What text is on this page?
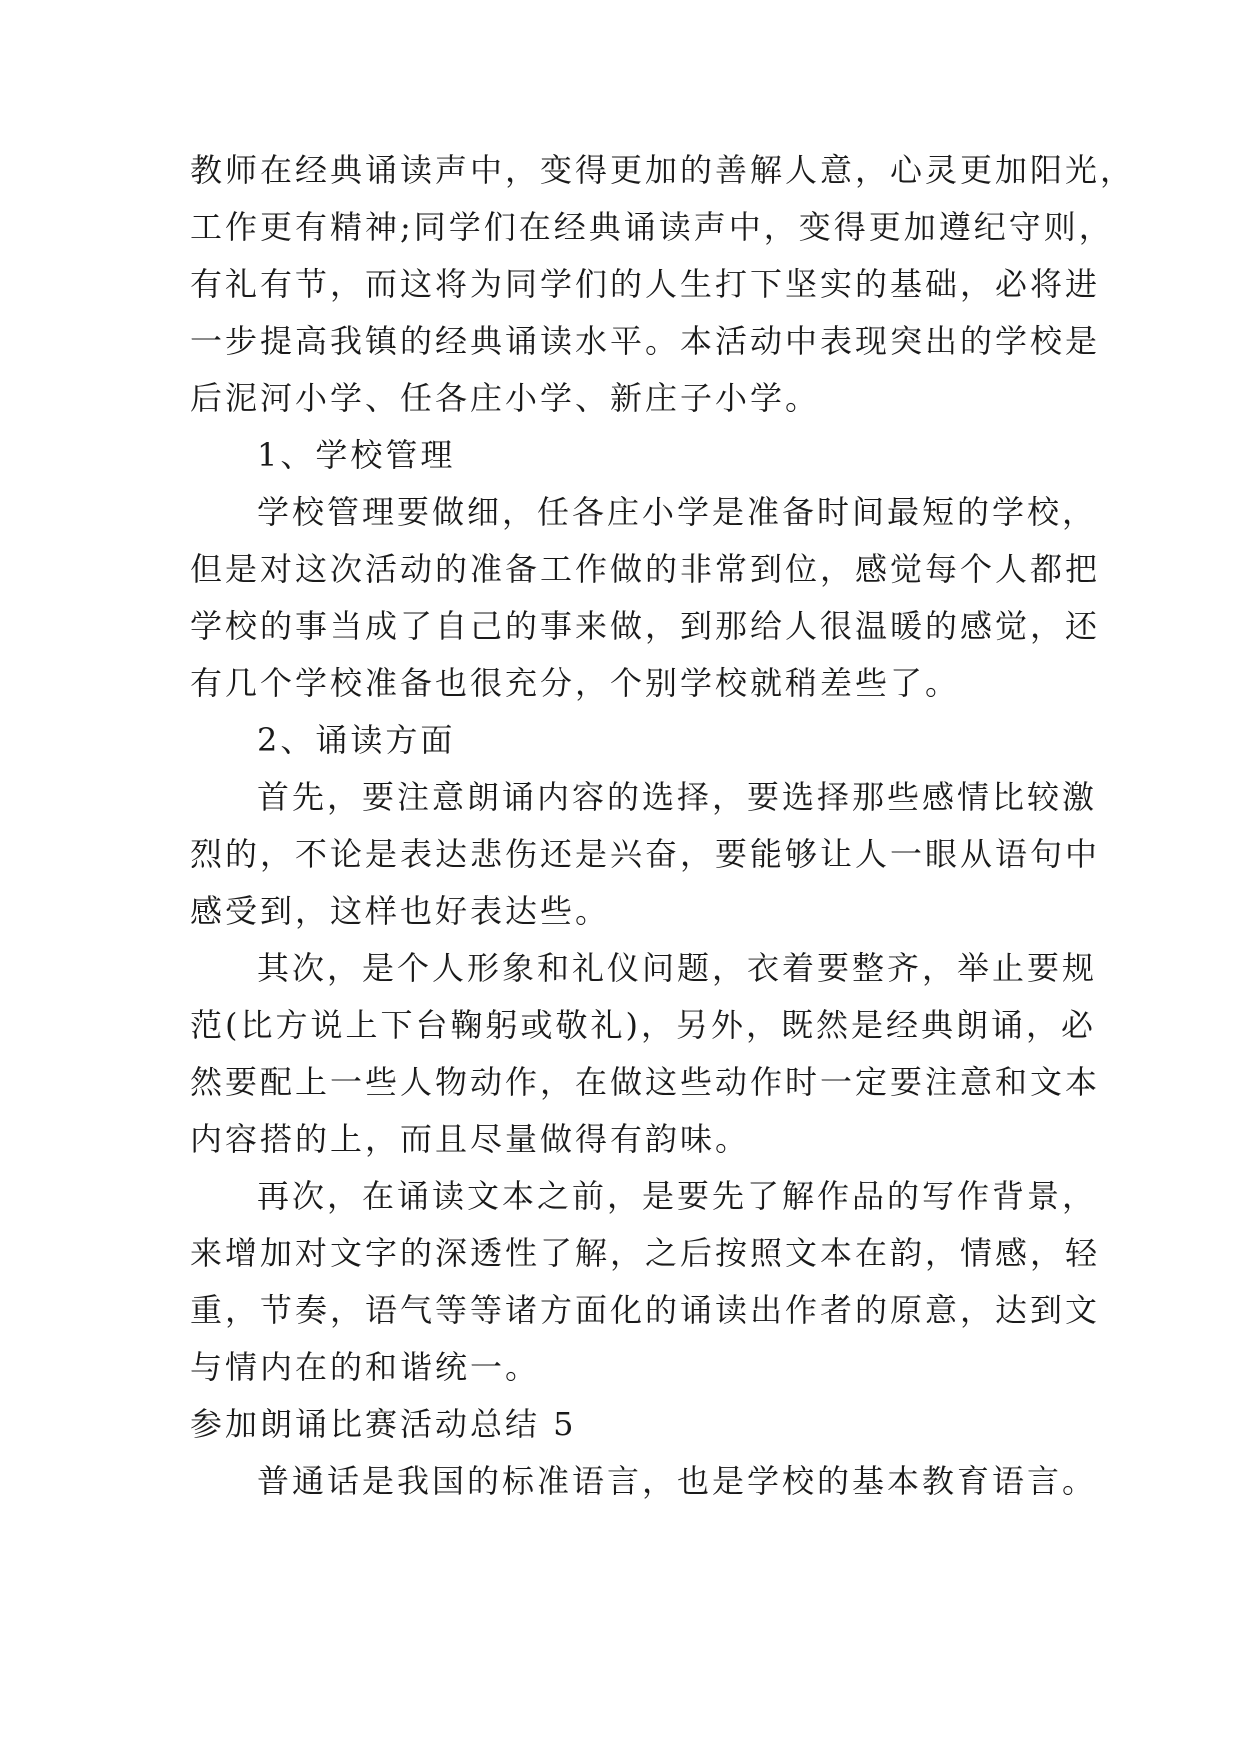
教师在经典诵读声中，变得更加的善解人意，心灵更加阳光，
工作更有精神;同学们在经典诵读声中，变得更加遵纪守则，
有礼有节，而这将为同学们的人生打下坚实的基础，必将进
一步提高我镇的经典诵读水平。本活动中表现突出的学校是
后泥河小学、任各庄小学、新庄子小学。
1、学校管理
学校管理要做细，任各庄小学是准备时间最短的学校，
但是对这次活动的准备工作做的非常到位，感觉每个人都把
学校的事当成了自己的事来做，到那给人很温暖的感觉，还
有几个学校准备也很充分，个别学校就稍差些了。
2、诵读方面
首先，要注意朗诵内容的选择，要选择那些感情比较激
烈的，不论是表达悲伤还是兴奋，要能够让人一眼从语句中
感受到，这样也好表达些。
其次，是个人形象和礼仪问题，衣着要整齐，举止要规
范(比方说上下台鞠躬或敬礼)，另外，既然是经典朗诵，必
然要配上一些人物动作，在做这些动作时一定要注意和文本
内容搭的上，而且尽量做得有韵味。
再次，在诵读文本之前，是要先了解作品的写作背景，
来增加对文字的深透性了解，之后按照文本在韵，情感，轻
重，节奏，语气等等诸方面化的诵读出作者的原意，达到文
与情内在的和谐统一。
参加朗诵比赛活动总结 5
普通话是我国的标准语言，也是学校的基本教育语言。
